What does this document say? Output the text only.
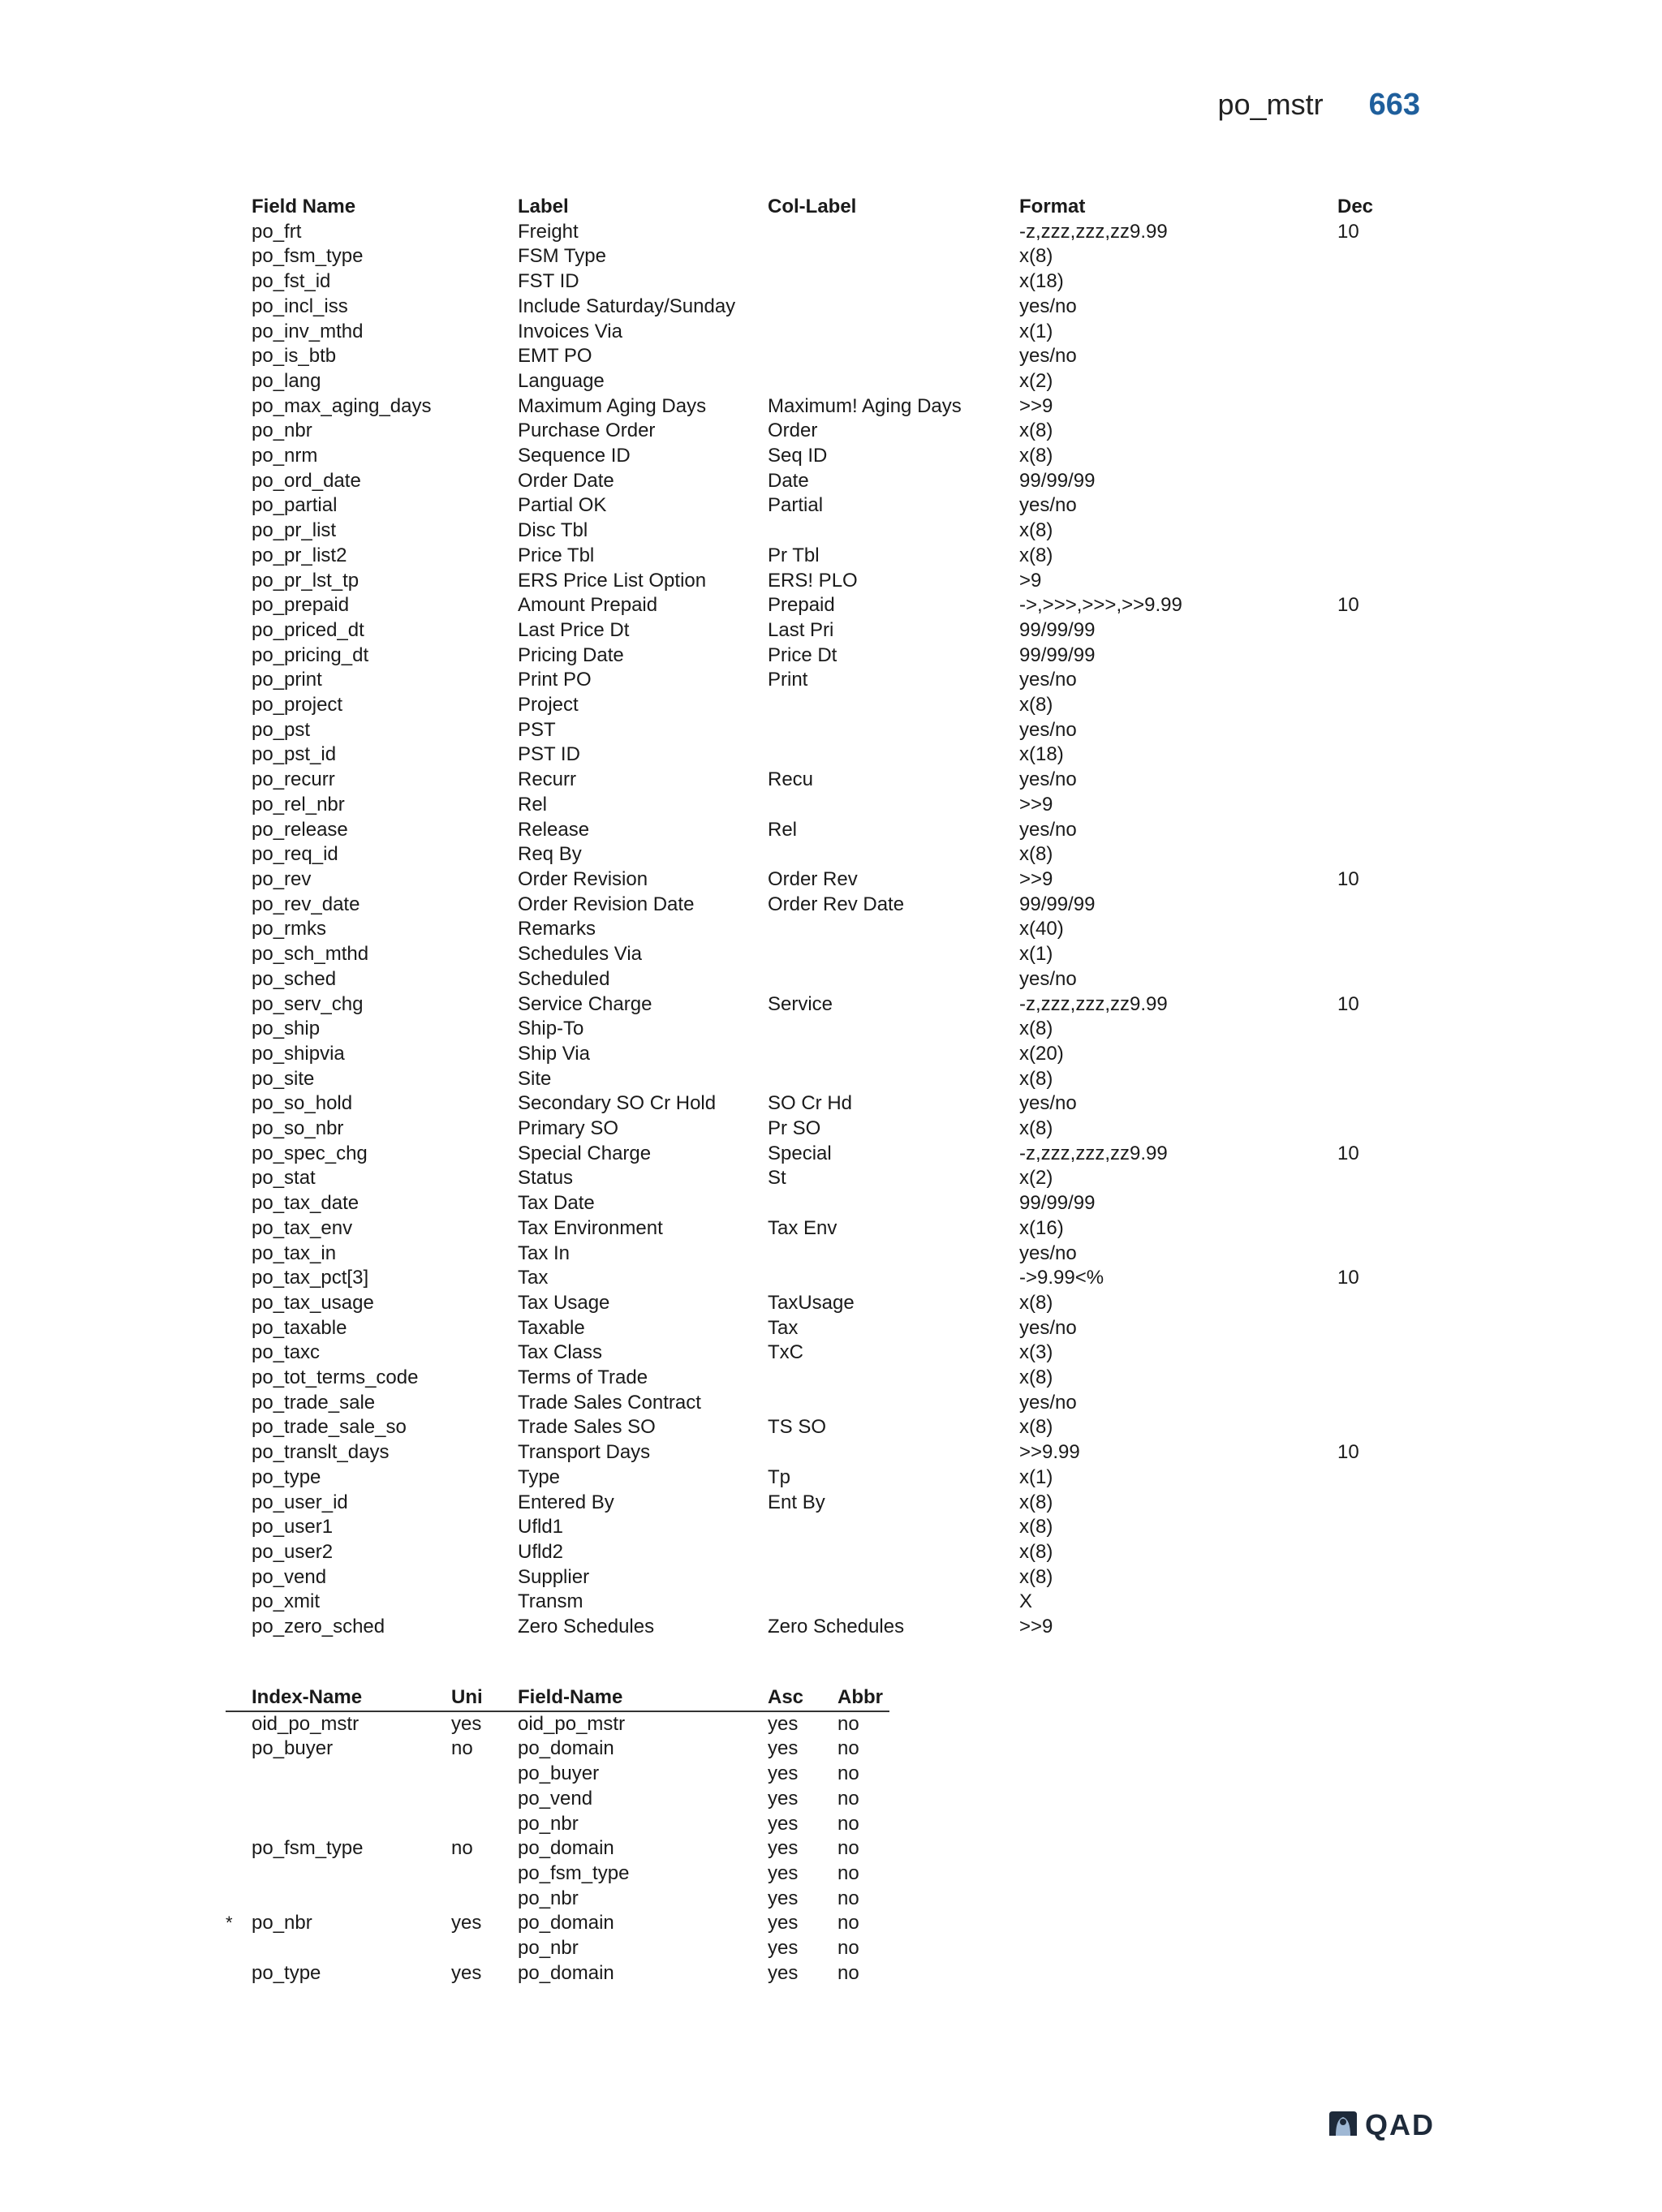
po_mstr 663
Field Name	Label	Col-Label	Format	Dec
po_frt	Freight		-z,zzz,zzz,zz9.99	10
po_fsm_type	FSM Type		x(8)	
po_fst_id	FST ID		x(18)	
po_incl_iss	Include Saturday/Sunday		yes/no	
po_inv_mthd	Invoices Via		x(1)	
po_is_btb	EMT PO		yes/no	
po_lang	Language		x(2)	
po_max_aging_days	Maximum Aging Days	Maximum! Aging Days	>>9	
po_nbr	Purchase Order	Order	x(8)	
po_nrm	Sequence ID	Seq ID	x(8)	
po_ord_date	Order Date	Date	99/99/99	
po_partial	Partial OK	Partial	yes/no	
po_pr_list	Disc Tbl		x(8)	
po_pr_list2	Price Tbl	Pr Tbl	x(8)	
po_pr_lst_tp	ERS Price List Option	ERS! PLO	>9	
po_prepaid	Amount Prepaid	Prepaid	->,>>>,>>>,>>9.99	10
po_priced_dt	Last Price Dt	Last Pri	99/99/99	
po_pricing_dt	Pricing Date	Price Dt	99/99/99	
po_print	Print PO	Print	yes/no	
po_project	Project		x(8)	
po_pst	PST		yes/no	
po_pst_id	PST ID		x(18)	
po_recurr	Recurr	Recu	yes/no	
po_rel_nbr	Rel		>>9	
po_release	Release	Rel	yes/no	
po_req_id	Req By		x(8)	
po_rev	Order Revision	Order Rev	>>9	10
po_rev_date	Order Revision Date	Order Rev Date	99/99/99	
po_rmks	Remarks		x(40)	
po_sch_mthd	Schedules Via		x(1)	
po_sched	Scheduled		yes/no	
po_serv_chg	Service Charge	Service	-z,zzz,zzz,zz9.99	10
po_ship	Ship-To		x(8)	
po_shipvia	Ship Via		x(20)	
po_site	Site		x(8)	
po_so_hold	Secondary SO Cr Hold	SO Cr Hd	yes/no	
po_so_nbr	Primary SO	Pr SO	x(8)	
po_spec_chg	Special Charge	Special	-z,zzz,zzz,zz9.99	10
po_stat	Status	St	x(2)	
po_tax_date	Tax Date		99/99/99	
po_tax_env	Tax Environment	Tax Env	x(16)	
po_tax_in	Tax In		yes/no	
po_tax_pct[3]	Tax		->9.99<%	10
po_tax_usage	Tax Usage	TaxUsage	x(8)	
po_taxable	Taxable	Tax	yes/no	
po_taxc	Tax Class	TxC	x(3)	
po_tot_terms_code	Terms of Trade		x(8)	
po_trade_sale	Trade Sales Contract		yes/no	
po_trade_sale_so	Trade Sales SO	TS SO	x(8)	
po_translt_days	Transport Days		>>9.99	10
po_type	Type	Tp	x(1)	
po_user_id	Entered By	Ent By	x(8)	
po_user1	Ufld1		x(8)	
po_user2	Ufld2		x(8)	
po_vend	Supplier		x(8)	
po_xmit	Transm		X	
po_zero_sched	Zero Schedules	Zero Schedules	>>9	
	Index-Name	Uni	Field-Name	Asc	Abbr
	oid_po_mstr	yes	oid_po_mstr	yes	no
	po_buyer	no	po_domain	yes	no
			po_buyer	yes	no
			po_vend	yes	no
			po_nbr	yes	no
	po_fsm_type	no	po_domain	yes	no
			po_fsm_type	yes	no
			po_nbr	yes	no
*	po_nbr	yes	po_domain	yes	no
			po_nbr	yes	no
	po_type	yes	po_domain	yes	no
QAD
